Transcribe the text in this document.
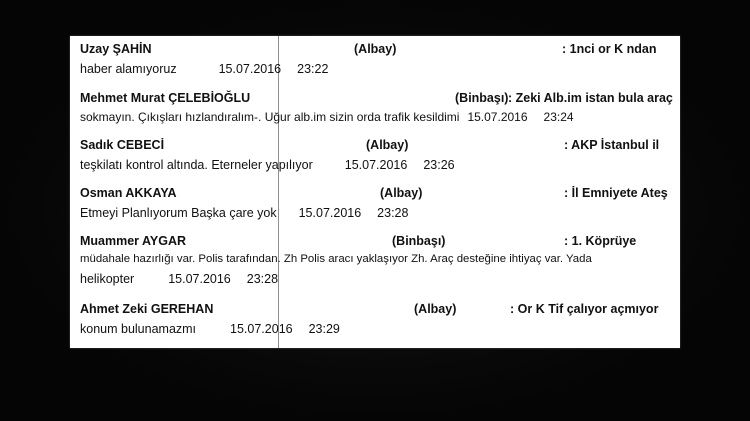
Uzay ŞAHİN	(Albay)	: 1nci or K ndan
haber alamıyoruz	15.07.2016 23:22
Mehmet Murat ÇELEBİOĞLU	(Binbaşı) : Zeki Alb.im istan bula araç
sokmayın. Çıkışları hızlandıralım-. Uğur alb.im sizin orda trafik kesildimi 15.07.2016 23:24
Sadık CEBECİ	(Albay)	: AKP İstanbul il
teşkilatı kontrol altında. Eterneler yapılıyor	15.07.2016 23:26
Osman AKKAYA	(Albay)	: İl Emniyete Ateş
Etmeyi Planlıyorum Başka çare yok 15.07.2016 23:28
Muammer AYGAR	(Binbaşı)	: 1. Köprüye
müdahale hazırlığı var. Polis tarafından. Zh Polis aracı yaklaşıyor Zh. Araç desteğine ihtiyaç var. Yada
helikopter	15.07.2016 23:28
Ahmet Zeki GEREHAN	(Albay)	: Or K Tif çalıyor açmıyor
konum bulunamazmı	15.07.2016 23:29
